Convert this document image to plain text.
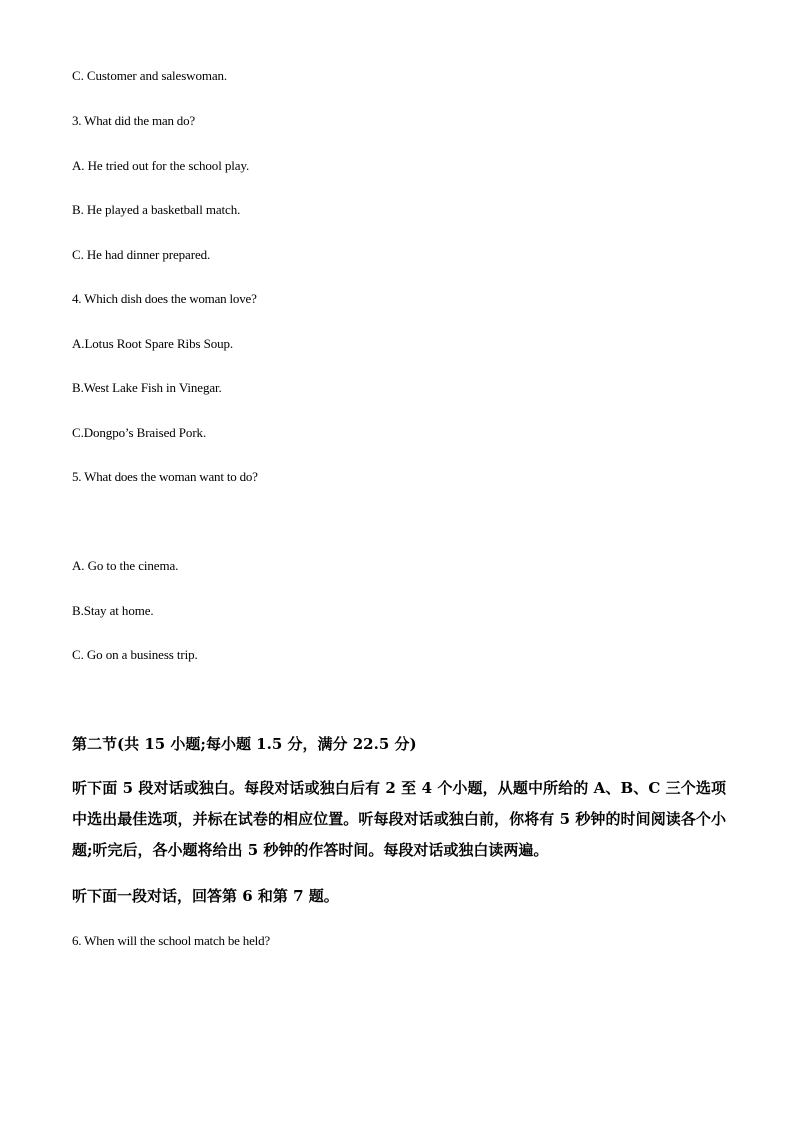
C. Customer and saleswoman.
3. What did the man do?
A. He tried out for the school play.
B. He played a basketball match.
C. He had dinner prepared.
4. Which dish does the woman love?
A.Lotus Root Spare Ribs Soup.
B.West Lake Fish in Vinegar.
C.Dongpo’s Braised Pork.
5. What does the woman want to do?
A. Go to the cinema.
B.Stay at home.
C. Go on a business trip.
第二节(共 15 小题;每小题 1.5 分，满分 22.5 分)
听下面 5 段对话或独白。每段对话或独白后有 2 至 4 个小题，从题中所给的 A、B、C 三个选项中选出最佳选项，并标在试卷的相应位置。听每段对话或独白前，你将有 5 秒钟的时间阅读各个小题;听完后，各小题将给出 5 秒钟的作答时间。每段对话或独白读两遍。
听下面一段对话，回答第 6 和第 7 题。
6. When will the school match be held?
